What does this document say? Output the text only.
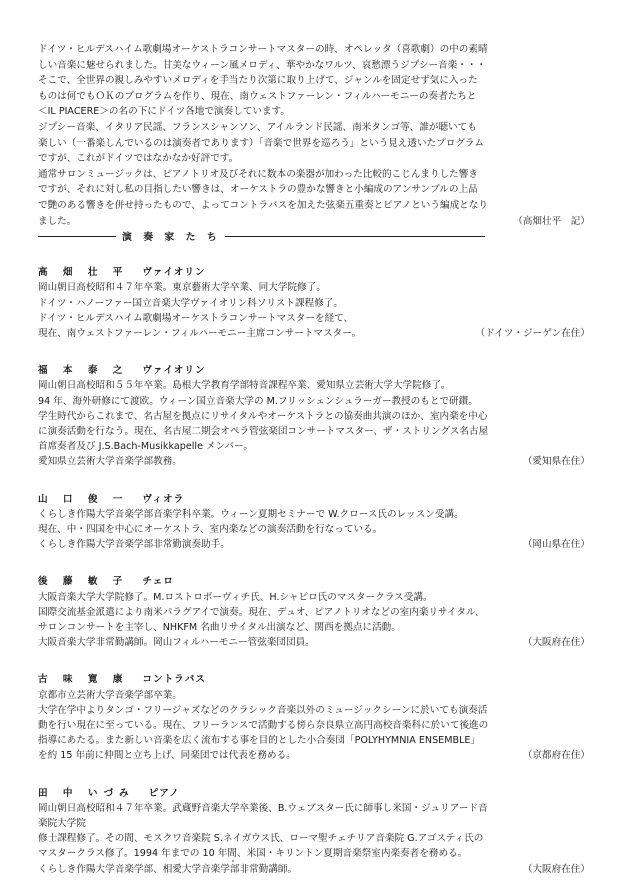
ドイツ・ヒルデスハイム歌劇場オーケストラコンサートマスターの時、オペレッタ（喜歌劇）の中の素晴

しい音楽に魅せられました。甘美なウィーン風メロディ、華やかなワルツ、哀愁漂うジプシー音楽・・・

そこで、全世界の親しみやすいメロディを手当たり次第に取り上げて、ジャンルを固定せず気に入った

ものは何でもＯＫのプログラムを作り、現在、南ウェストファーレン・フィルハーモニーの奏者たちと

＜IL PIACERE＞の名の下にドイツ各地で演奏しています。

ジプシー音楽、イタリア民謡、フランスシャンソン、アイルランド民謡、南米タンゴ等、誰が聴いても

楽しい（一番楽しんでいるのは演奏者であります）「音楽で世界を巡ろう」という見え透いたプログラム

ですが、これがドイツではなかなか好評です。

通常サロンミュージックは、ピアノトリオ及びそれに数本の楽器が加わった比較的こじんまりした響き

ですが、それに対し私の目指したい響きは、オーケストラの豊かな響きと小編成のアンサンブルの上品

で艶のある響きを併せ持ったもので、よってコントラバスを加えた弦楽五重奏とピアノという編成となり

ました。	（高畑壮平　記）
演 奏 家 た ち
高 畑 壮 平 ヴァイオリン

岡山朝日高校昭和４７年卒業。東京藝術大学卒業、同大学院修了。

ドイツ・ハノーファー国立音楽大学ヴァイオリン科ソリスト課程修了。

ドイツ・ヒルデスハイム歌劇場オーケストラコンサートマスターを経て、

現在、南ウェストファーレン・フィルハーモニー主席コンサートマスター。	（ドイツ・ジーゲン在住）
福 本 泰 之 ヴァイオリン

岡山朝日高校昭和５５年卒業。島根大学教育学部特音課程卒業、愛知県立芸術大学大学院修了。

94 年、海外研修にて渡欧。ウィーン国立音楽大学の M.フリッシェンシュラーガー教授のもとで研鑚。

学生時代からこれまで、名古屋を拠点にリサイタルやオーケストラとの協奏曲共演のほか、室内楽を中心

に演奏活動を行なう。現在、名古屋二期会オペラ管弦楽団コンサートマスター、ザ・ストリングス名古屋

首席奏者及び J.S.Bach-Musikkapelle メンバー。

愛知県立芸術大学音楽学部教務。	（愛知県在住）
山 口 俊 一 ヴィオラ

くらしき作陽大学音楽学部音楽学科卒業。ウィーン夏期セミナーで W.クロース氏のレッスン受講。

現在、中・四国を中心にオーケストラ、室内楽などの演奏活動を行なっている。

くらしき作陽大学音楽学部非常勤演奏助手。	（岡山県在住）
後 藤 敏 子 チェロ

大阪音楽大学大学院修了。M.ロストロポーヴィチ氏、H.シャピロ氏のマスタークラス受講。

国際交流基金派遣により南米パラグアイで演奏。現在、デュオ、ピアノトリオなどの室内楽リサイタル、

サロンコンサートを主宰し、NHKFM 名曲リサイタル出演など、関西を拠点に活動。

大阪音楽大学非常勤講師。岡山フィルハーモニー管弦楽団団員。	（大阪府在住）
古 味 寛 康 コントラバス

京都市立芸術大学音楽学部卒業。

大学在学中よりタンゴ・フリージャズなどのクラシック音楽以外のミュージックシーンに於いても演奏活

動を行い現在に至っている。現在、フリーランスで活動する傍ら奈良県立高円高校音楽科に於いて後進の

指導にあたる。また新しい音楽を広く流布する事を目的とした小合奏団「POLYHYMNIA ENSEMBLE」

を約 15 年前に仲間と立ち上げ、同楽団では代表を務める。	（京都府在住）
田 中 いづみ ピアノ

岡山朝日高校昭和４７年卒業。武蔵野音楽大学卒業後、B.ウェブスター氏に師事し米国・ジュリアード音

楽院大学院

修士課程修了。その間、モスクワ音楽院 S.ネイガウス氏、ローマ聖チェチリア音楽院 G.アゴスティ氏の

マスタークラス修了。1994 年までの 10 年間、米国・キリントン夏期音楽祭室内楽奏者を務める。

くらしき作陽大学音楽学部、相愛大学音楽学部非常勤講師。	（大阪府在住）
